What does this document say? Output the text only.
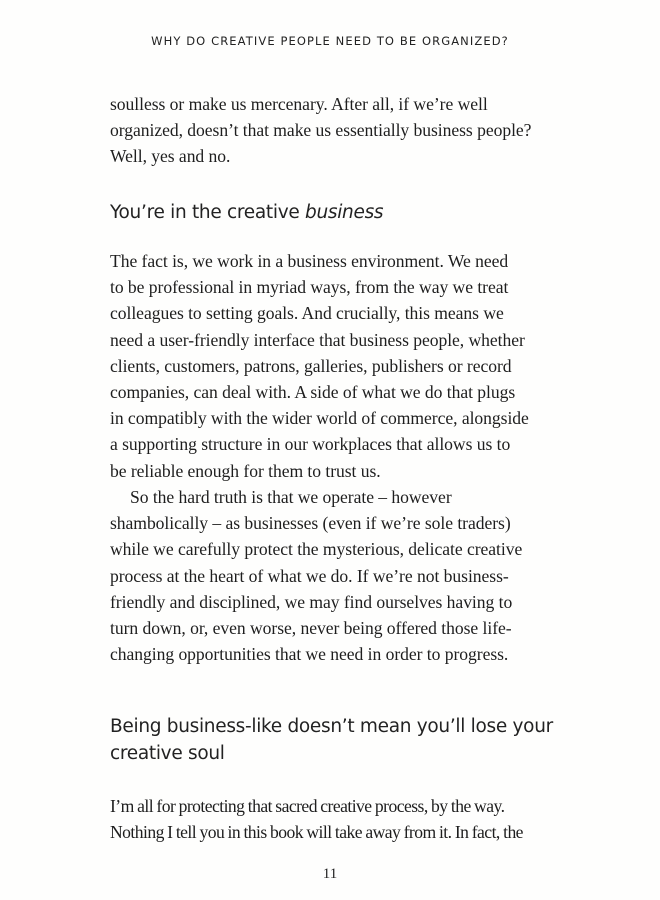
WHY DO CREATIVE PEOPLE NEED TO BE ORGANIZED?

soulless or make us mercenary. After all, if we’re well
organized, doesn’t that make us essentially business people?
Well, yes and no.

You’re in the creative business

The fact is, we work in a business environment. We need
to be professional in myriad ways, from the way we treat
colleagues to setting goals. And crucially, this means we
need a user-friendly interface that business people, whether
clients, customers, patrons, galleries, publishers or record
companies, can deal with. A side of what we do that plugs
in compatibly with the wider world of commerce, alongside
a supporting structure in our workplaces that allows us to
be reliable enough for them to trust us.

So the hard truth is that we operate – however
shambolically – as businesses (even if we’re sole traders)
while we carefully protect the mysterious, delicate creative
process at the heart of what we do. If we’re not business-
friendly and disciplined, we may find ourselves having to
turn down, or, even worse, never being offered those life-
changing opportunities that we need in order to progress.

Being business-like doesn’t mean you’ll lose your
creative soul

I’m all for protecting that sacred creative process, by the way.
Nothing I tell you in this book will take away from it. In fact, the

11
